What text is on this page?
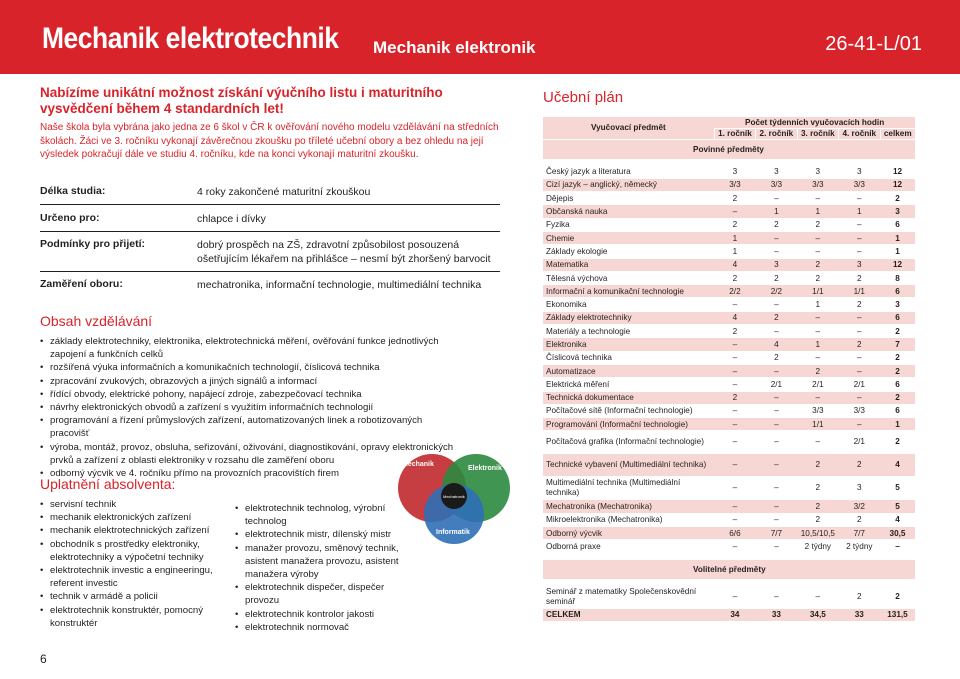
Mechanik elektrotechnik Mechanik elektronik	26-41-L/01
Nabízíme unikátní možnost získání výučního listu i maturitního vysvědčení během 4 standardních let!
Naše škola byla vybrána jako jedna ze 6 škol v ČR k ověřování nového modelu vzdělávání na středních školách. Žáci ve 3. ročníku vykonají závěrečnou zkoušku po tříleté učební obory a bez ohledu na její výsledek pokračují dále ve studiu 4. ročníku, kde na konci vykonají maturitní zkoušku.
Délka studia:	4 roky zakončené maturitní zkouškou
Určeno pro:	chlapce i dívky
Podmínky pro přijetí:	dobrý prospěch na ZŠ, zdravotní způsobilost posouzená ošetřujícím lékařem na přihlášce – nesmí být zhoršený barvocit
Zaměření oboru:	mechatronika, informační technologie, multimediální technika
Obsah vzdělávání
• základy elektrotechniky, elektronika, elektrotechnická měření, ověřování funkce jednotlivých zapojení a funkčních celků
• rozšířená výuka informačních a komunikačních technologií, číslicová technika
• zpracování zvukových, obrazových a jiných signálů a informací
• řídící obvody, elektrické pohony, napájecí zdroje, zabezpečovací technika
• návrhy elektronických obvodů a zařízení s využitím informačních technologií
• programování a řízení průmyslových zařízení, automatizovaných linek a robotizovaných pracovišť
• výroba, montáž, provoz, obsluha, seřizování, oživování, diagnostikování, opravy elektronických prvků a zařízení z oblasti elektroniky v rozsahu dle zaměření oboru
• odborný výcvik ve 4. ročníku přímo na provozních pracovištích firem
Uplatnění absolventa:
• servisní technik
• mechanik elektronických zařízení
• mechanik elektrotechnických zařízení
• obchodník s prostředky elektroniky, elektrotechniky a výpočetní techniky
• elektrotechnik investic a engineeringu, referent investic
• technik v armádě a policii
• elektrotechnik konstruktér, pomocný konstruktér
• elektrotechnik technolog, výrobní technolog
• elektrotechnik mistr, dílenský mistr
• manažer provozu, směnový technik, asistent manažera provozu, asistent manažera výroby
• elektrotechnik dispečer, dispečer provozu
• elektrotechnik kontrolor jakosti
• elektrotechnik normovač
Mechanik
Elektronik
Informatik
Mechatronik
6
Učební plán
Vyučovací předmět	Počet týdenních vyučovacích hodin				
	1. ročník	2. ročník	3. ročník	4. ročník	celkem
Povinné předměty					

Český jazyk a literatura	3	3	3	3	12
Cizí jazyk – anglický, německý	3/3	3/3	3/3	3/3	12
Dějepis	2	–	–	–	2
Občanská nauka	–	1	1	1	3
Fyzika	2	2	2	–	6
Chemie	1	–	–	–	1
Základy ekologie	1	–	–	–	1
Matematika	4	3	2	3	12
Tělesná výchova	2	2	2	2	8
Informační a komunikační technologie	2/2	2/2	1/1	1/1	6
Ekonomika	–	–	1	2	3
Základy elektrotechniky	4	2	–	–	6
Materiály a technologie	2	–	–	–	2
Elektronika	–	4	1	2	7
Číslicová technika	–	2	–	–	2
Automatizace	–	–	2	–	2
Elektrická měření	–	2/1	2/1	2/1	6
Technická dokumentace	2	–	–	–	2
Počítačové sítě (Informační technologie)	–	–	3/3	3/3	6
Programování (Informační technologie)	–	–	1/1	–	1
Počítačová grafika (Informační technologie)	–	–	–	2/1	2
Technické vybavení (Multimediální technika)	–	–	2	2	4
Multimediální technika (Multimediální technika)	–	–	2	3	5
Mechatronika (Mechatronika)	–	–	2	3/2	5
Mikroelektronika (Mechatronika)	–	–	2	2	4
Odborný výcvik	6/6	7/7	10,5/10,5	7/7	30,5
Odborná praxe	–	–	2 týdny	2 týdny	–

Volitelné předměty					

Seminář z matematiky Společenskovědní seminář	–	–	–	2	2
CELKEM	34	33	34,5	33	131,5
